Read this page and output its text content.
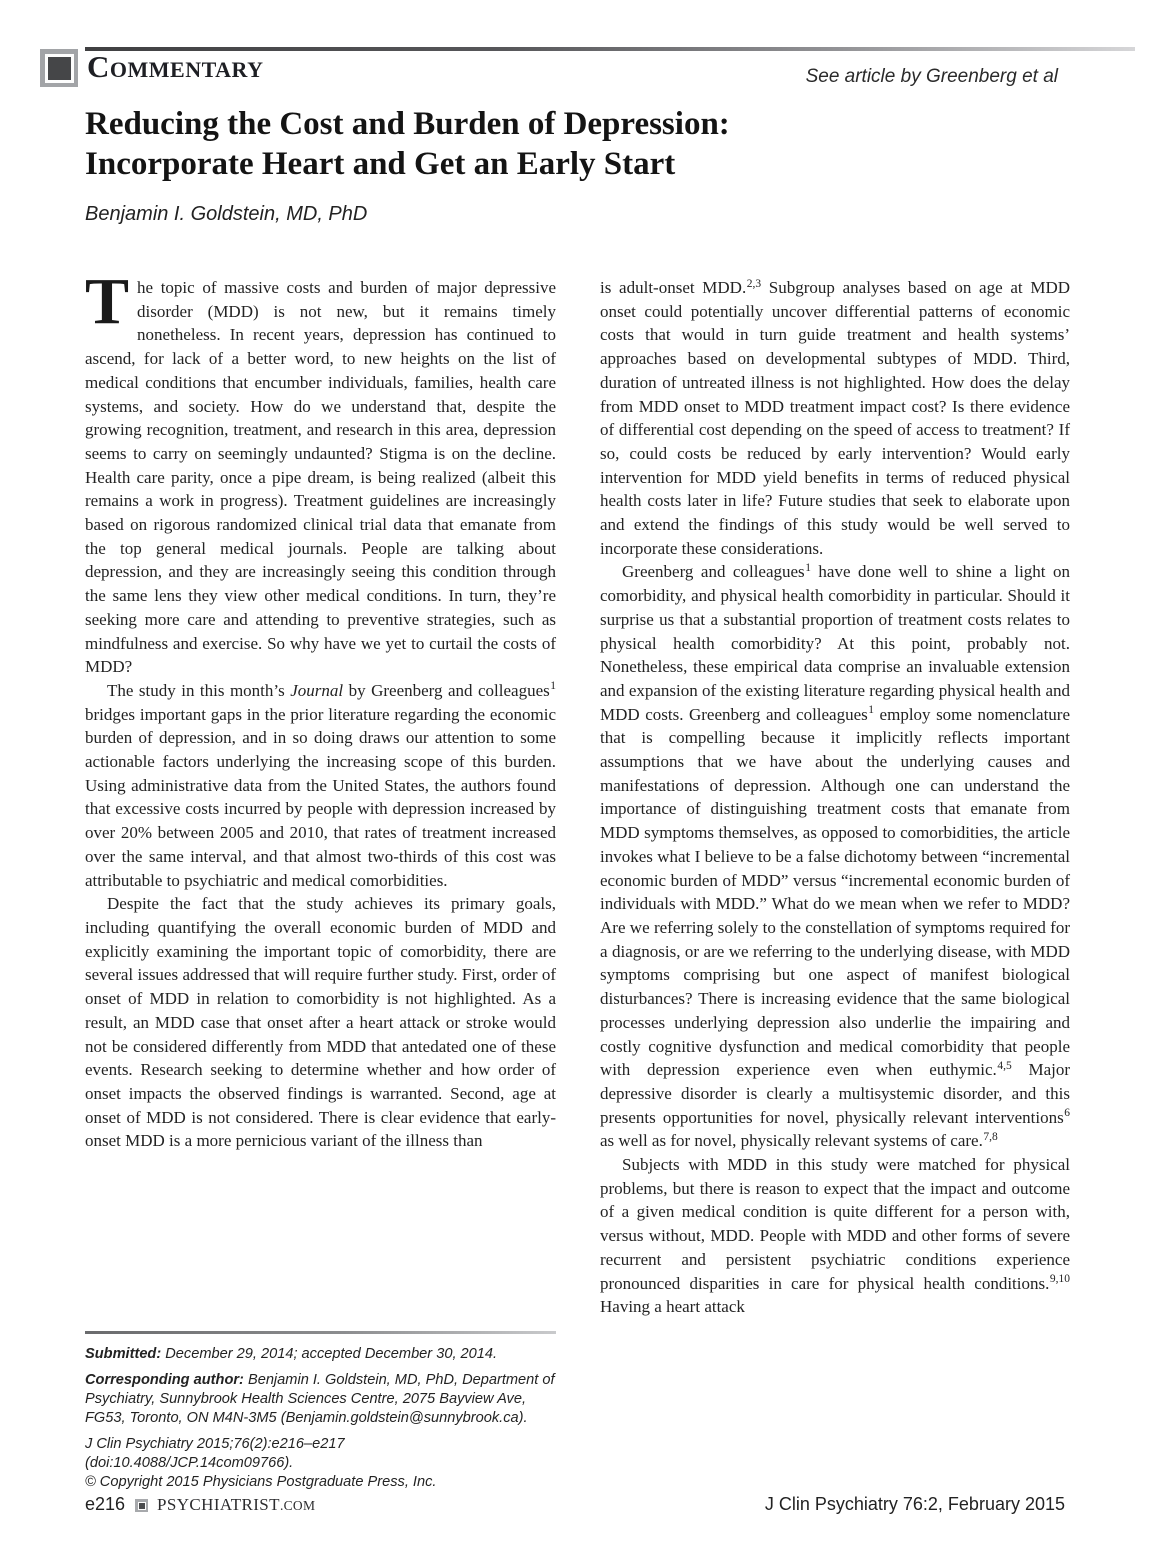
Commentary	See article by Greenberg et al
Reducing the Cost and Burden of Depression:
Incorporate Heart and Get an Early Start
Benjamin I. Goldstein, MD, PhD

The topic of massive costs and burden of major depressive disorder (MDD) is not new, but it remains timely nonetheless. In recent years, depression has continued to ascend, for lack of a better word, to new heights on the list of medical conditions that encumber individuals, families, health care systems, and society. How do we understand that, despite the growing recognition, treatment, and research in this area, depression seems to carry on seemingly undaunted? Stigma is on the decline. Health care parity, once a pipe dream, is being realized (albeit this remains a work in progress). Treatment guidelines are increasingly based on rigorous randomized clinical trial data that emanate from the top general medical journals. People are talking about depression, and they are increasingly seeing this condition through the same lens they view other medical conditions. In turn, they’re seeking more care and attending to preventive strategies, such as mindfulness and exercise. So why have we yet to curtail the costs of MDD?

The study in this month’s Journal by Greenberg and colleagues$^1$ bridges important gaps in the prior literature regarding the economic burden of depression, and in so doing draws our attention to some actionable factors underlying the increasing scope of this burden. Using administrative data from the United States, the authors found that excessive costs incurred by people with depression increased by over 20% between 2005 and 2010, that rates of treatment increased over the same interval, and that almost two-thirds of this cost was attributable to psychiatric and medical comorbidities.

Despite the fact that the study achieves its primary goals, including quantifying the overall economic burden of MDD and explicitly examining the important topic of comorbidity, there are several issues addressed that will require further study. First, order of onset of MDD in relation to comorbidity is not highlighted. As a result, an MDD case that onset after a heart attack or stroke would not be considered differently from MDD that antedated one of these events. Research seeking to determine whether and how order of onset impacts the observed findings is warranted. Second, age at onset of MDD is not considered. There is clear evidence that early-onset MDD is a more pernicious variant of the illness than

Submitted: December 29, 2014; accepted December 30, 2014.

Corresponding author: Benjamin I. Goldstein, MD, PhD, Department of Psychiatry, Sunnybrook Health Sciences Centre, 2075 Bayview Ave, FG53, Toronto, ON M4N-3M5 (Benjamin.goldstein@sunnybrook.ca).

J Clin Psychiatry 2015;76(2):e216–e217 (doi:10.4088/JCP.14com09766).

© Copyright 2015 Physicians Postgraduate Press, Inc.

is adult-onset MDD.$^{2,3}$ Subgroup analyses based on age at MDD onset could potentially uncover differential patterns of economic costs that would in turn guide treatment and health systems’ approaches based on developmental subtypes of MDD. Third, duration of untreated illness is not highlighted. How does the delay from MDD onset to MDD treatment impact cost? Is there evidence of differential cost depending on the speed of access to treatment? If so, could costs be reduced by early intervention? Would early intervention for MDD yield benefits in terms of reduced physical health costs later in life? Future studies that seek to elaborate upon and extend the findings of this study would be well served to incorporate these considerations.

Greenberg and colleagues$^1$ have done well to shine a light on comorbidity, and physical health comorbidity in particular. Should it surprise us that a substantial proportion of treatment costs relates to physical health comorbidity? At this point, probably not. Nonetheless, these empirical data comprise an invaluable extension and expansion of the existing literature regarding physical health and MDD costs. Greenberg and colleagues$^1$ employ some nomenclature that is compelling because it implicitly reflects important assumptions that we have about the underlying causes and manifestations of depression. Although one can understand the importance of distinguishing treatment costs that emanate from MDD symptoms themselves, as opposed to comorbidities, the article invokes what I believe to be a false dichotomy between “incremental economic burden of MDD” versus “incremental economic burden of individuals with MDD.” What do we mean when we refer to MDD? Are we referring solely to the constellation of symptoms required for a diagnosis, or are we referring to the underlying disease, with MDD symptoms comprising but one aspect of manifest biological disturbances? There is increasing evidence that the same biological processes underlying depression also underlie the impairing and costly cognitive dysfunction and medical comorbidity that people with depression experience even when euthymic.$^{4,5}$ Major depressive disorder is clearly a multisystemic disorder, and this presents opportunities for novel, physically relevant interventions$^6$ as well as for novel, physically relevant systems of care.$^{7,8}$

Subjects with MDD in this study were matched for physical problems, but there is reason to expect that the impact and outcome of a given medical condition is quite different for a person with, versus without, MDD. People with MDD and other forms of severe recurrent and persistent psychiatric conditions experience pronounced disparities in care for physical health conditions.$^{9,10}$ Having a heart attack

e216 PSYCHIATRIST .COM	J Clin Psychiatry 76:2, February 2015
